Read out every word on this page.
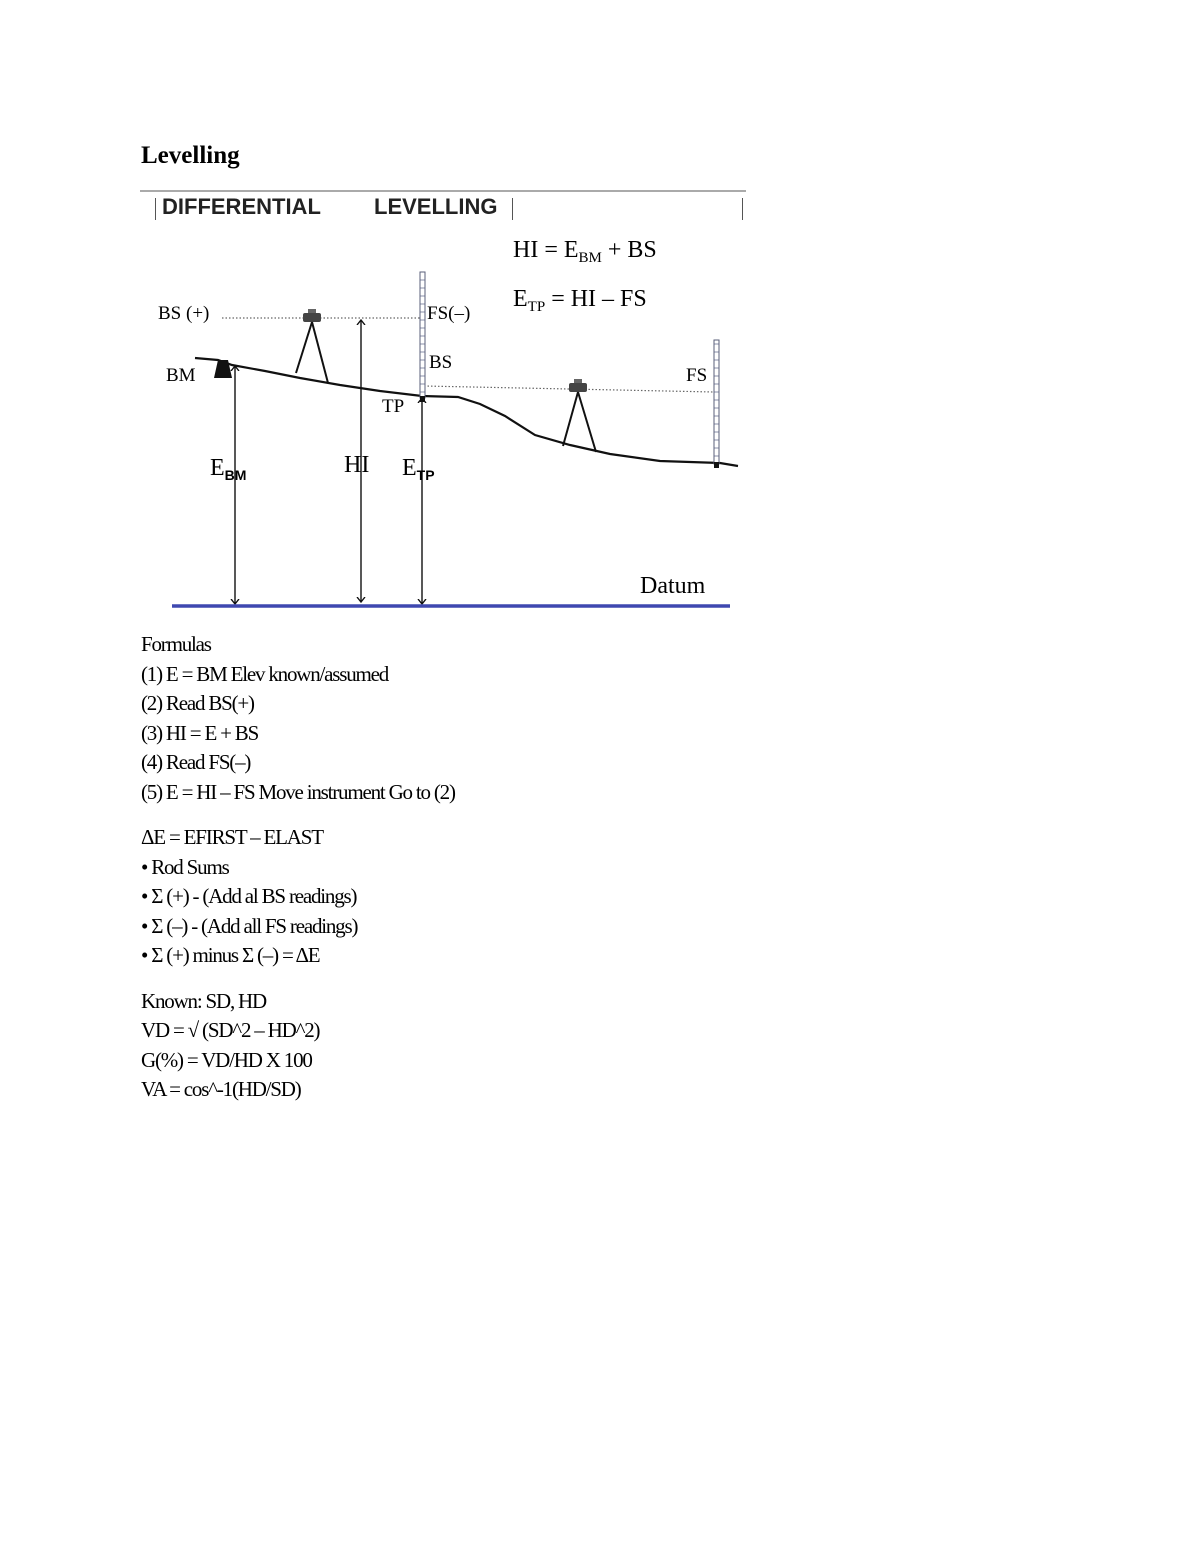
Levelling
DIFFERENTIAL LEVELLING
HI = $E_{BM}$ + BS
$E_{TP}$ = HI – FS
BS (+)	FS(–)
BM
BS
TP
FS
$E_{BM}$	HI $E_{TP}$
Datum
Formulas
(1) E = BM Elev known/assumed
(2) Read BS(+)
(3) HI = E + BS
(4) Read FS(–)
(5) E = HI – FS Move instrument Go to (2)
ΔE = EFIRST – ELAST
• Rod Sums
• Σ (+) - (Add al BS readings)
• Σ (–) - (Add all FS readings)
• Σ (+) minus Σ (–) = ΔE
Known: SD, HD
VD = √ (SD^2 – HD^2)
G(%) = VD/HD X 100
VA = cos^-1(HD/SD)
